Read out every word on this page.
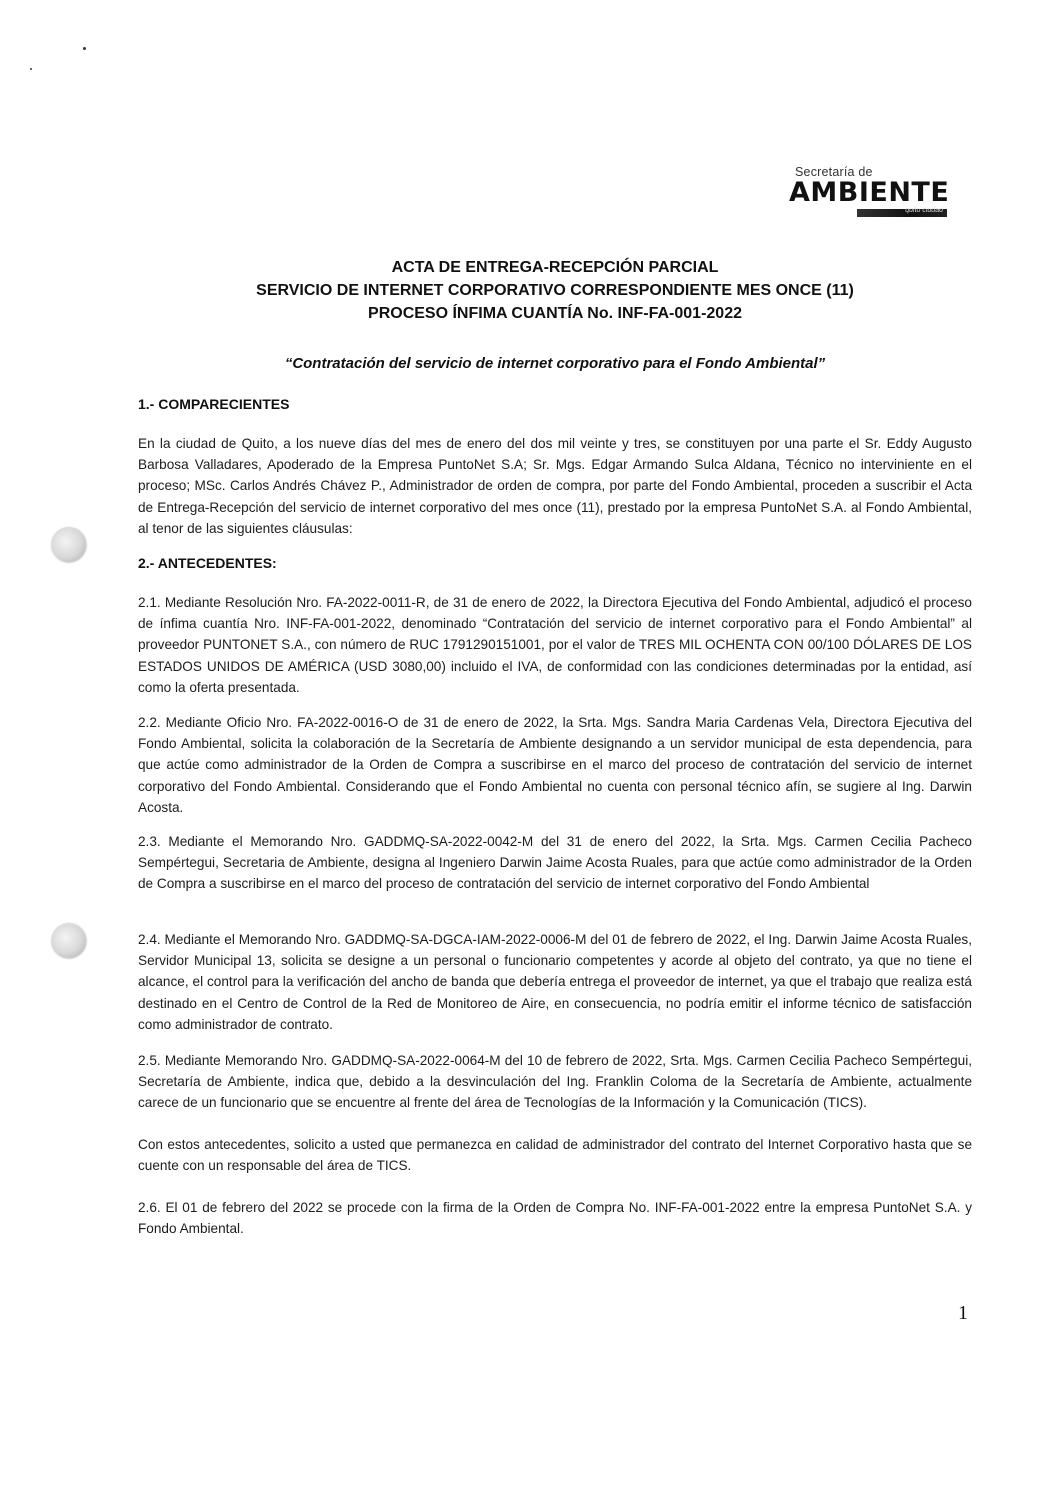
Secretaría de
AMBIENTE
quito ciudad
ACTA DE ENTREGA-RECEPCIÓN PARCIAL
SERVICIO DE INTERNET CORPORATIVO CORRESPONDIENTE MES ONCE (11)
PROCESO ÍNFIMA CUANTÍA No. INF-FA-001-2022
“Contratación del servicio de internet corporativo para el Fondo Ambiental”
1.- COMPARECIENTES

En la ciudad de Quito, a los nueve días del mes de enero del dos mil veinte y tres, se constituyen por una parte el Sr. Eddy Augusto Barbosa Valladares, Apoderado de la Empresa PuntoNet S.A; Sr. Mgs. Edgar Armando Sulca Aldana, Técnico no interviniente en el proceso; MSc. Carlos Andrés Chávez P., Administrador de orden de compra, por parte del Fondo Ambiental, proceden a suscribir el Acta de Entrega-Recepción del servicio de internet corporativo del mes once (11), prestado por la empresa PuntoNet S.A. al Fondo Ambiental, al tenor de las siguientes cláusulas:

2.- ANTECEDENTES:

2.1. Mediante Resolución Nro. FA-2022-0011-R, de 31 de enero de 2022, la Directora Ejecutiva del Fondo Ambiental, adjudicó el proceso de ínfima cuantía Nro. INF-FA-001-2022, denominado “Contratación del servicio de internet corporativo para el Fondo Ambiental” al proveedor PUNTONET S.A., con número de RUC 1791290151001, por el valor de TRES MIL OCHENTA CON 00/100 DÓLARES DE LOS ESTADOS UNIDOS DE AMÉRICA (USD 3080,00) incluido el IVA, de conformidad con las condiciones determinadas por la entidad, así como la oferta presentada.

2.2. Mediante Oficio Nro. FA-2022-0016-O de 31 de enero de 2022, la Srta. Mgs. Sandra Maria Cardenas Vela, Directora Ejecutiva del Fondo Ambiental, solicita la colaboración de la Secretaría de Ambiente designando a un servidor municipal de esta dependencia, para que actúe como administrador de la Orden de Compra a suscribirse en el marco del proceso de contratación del servicio de internet corporativo del Fondo Ambiental. Considerando que el Fondo Ambiental no cuenta con personal técnico afín, se sugiere al Ing. Darwin Acosta.

2.3. Mediante el Memorando Nro. GADDMQ-SA-2022-0042-M del 31 de enero del 2022, la Srta. Mgs. Carmen Cecilia Pacheco Sempértegui, Secretaria de Ambiente, designa al Ingeniero Darwin Jaime Acosta Ruales, para que actúe como administrador de la Orden de Compra a suscribirse en el marco del proceso de contratación del servicio de internet corporativo del Fondo Ambiental

2.4. Mediante el Memorando Nro. GADDMQ-SA-DGCA-IAM-2022-0006-M del 01 de febrero de 2022, el Ing. Darwin Jaime Acosta Ruales, Servidor Municipal 13, solicita se designe a un personal o funcionario competentes y acorde al objeto del contrato, ya que no tiene el alcance, el control para la verificación del ancho de banda que debería entrega el proveedor de internet, ya que el trabajo que realiza está destinado en el Centro de Control de la Red de Monitoreo de Aire, en consecuencia, no podría emitir el informe técnico de satisfacción como administrador de contrato.

2.5. Mediante Memorando Nro. GADDMQ-SA-2022-0064-M del 10 de febrero de 2022, Srta. Mgs. Carmen Cecilia Pacheco Sempértegui, Secretaría de Ambiente, indica que, debido a la desvinculación del Ing. Franklin Coloma de la Secretaría de Ambiente, actualmente carece de un funcionario que se encuentre al frente del área de Tecnologías de la Información y la Comunicación (TICS).

Con estos antecedentes, solicito a usted que permanezca en calidad de administrador del contrato del Internet Corporativo hasta que se cuente con un responsable del área de TICS.

2.6. El 01 de febrero del 2022 se procede con la firma de la Orden de Compra No. INF-FA-001-2022 entre la empresa PuntoNet S.A. y Fondo Ambiental.

1
